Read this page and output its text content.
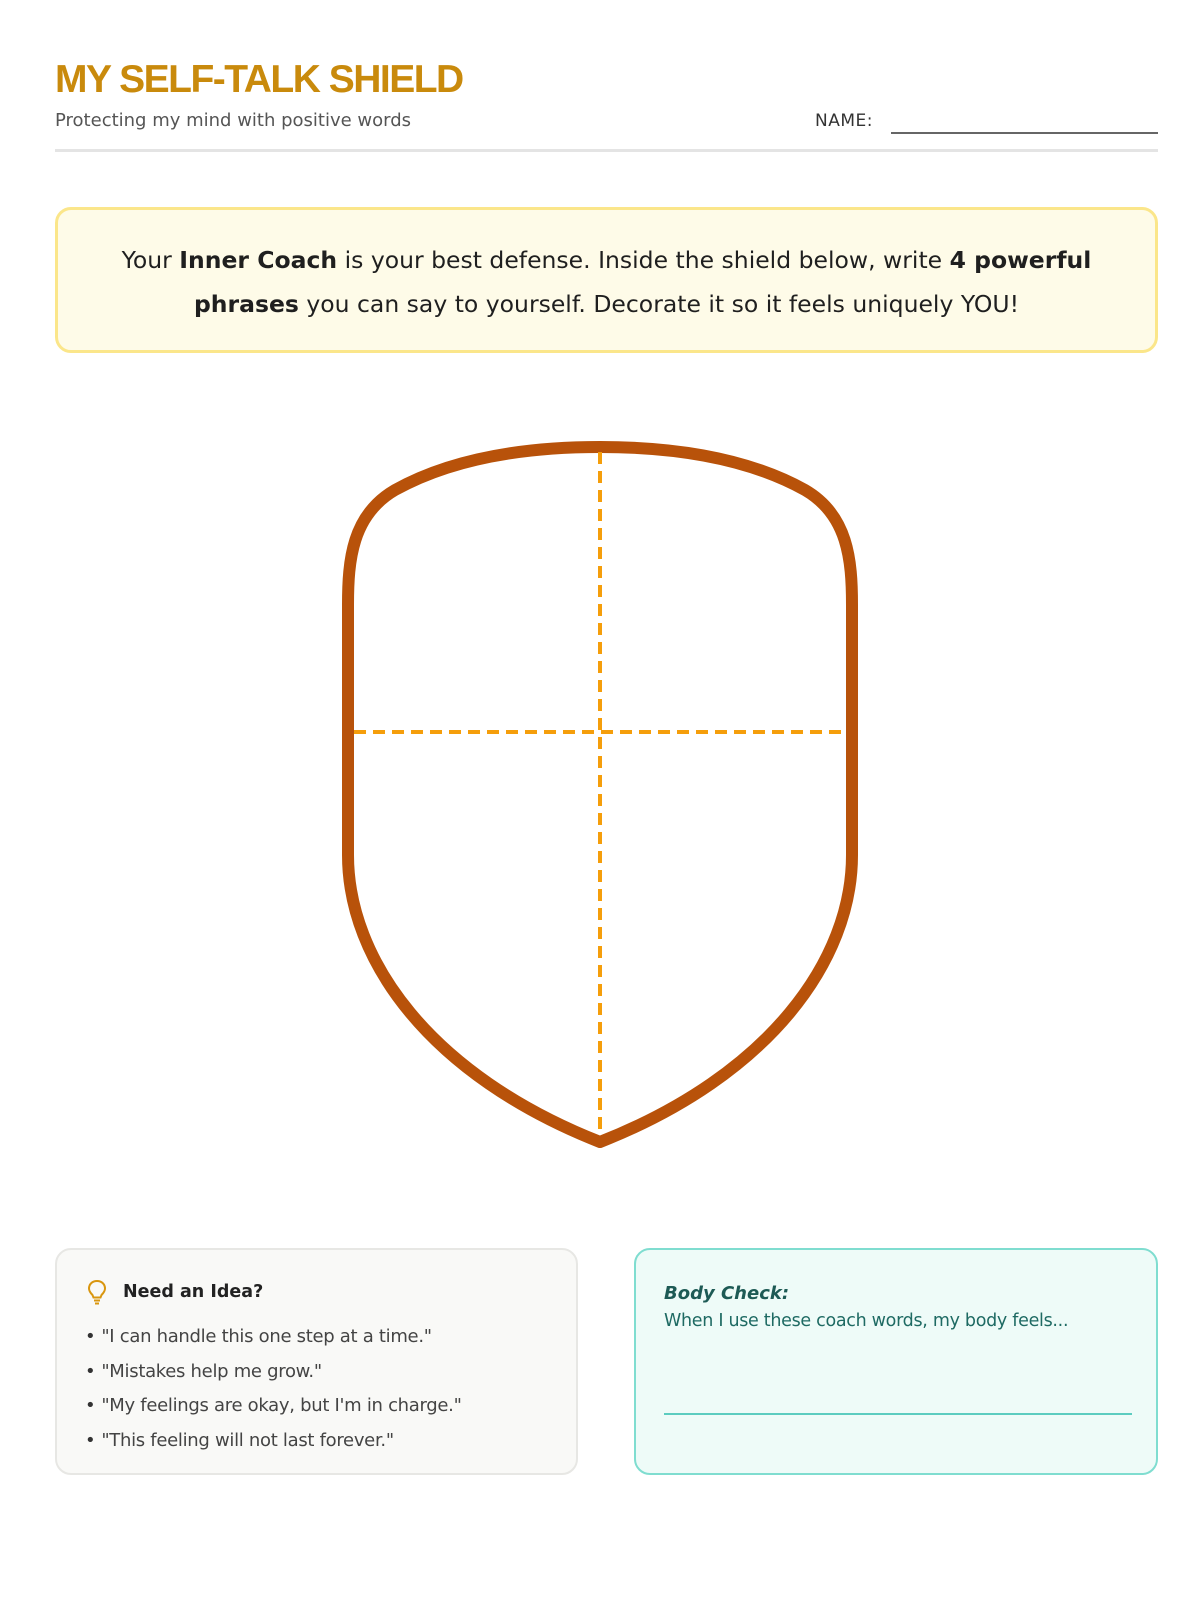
MY SELF-TALK SHIELD
Protecting my mind with positive words	NAME:
Your Inner Coach is your best defense. Inside the shield below, write 4 powerful phrases you can say to yourself. Decorate it so it feels uniquely YOU!
Need an Idea?
• "I can handle this one step at a time."
• "Mistakes help me grow."
• "My feelings are okay, but I'm in charge."
• "This feeling will not last forever."
Body Check:
When I use these coach words, my body feels...
